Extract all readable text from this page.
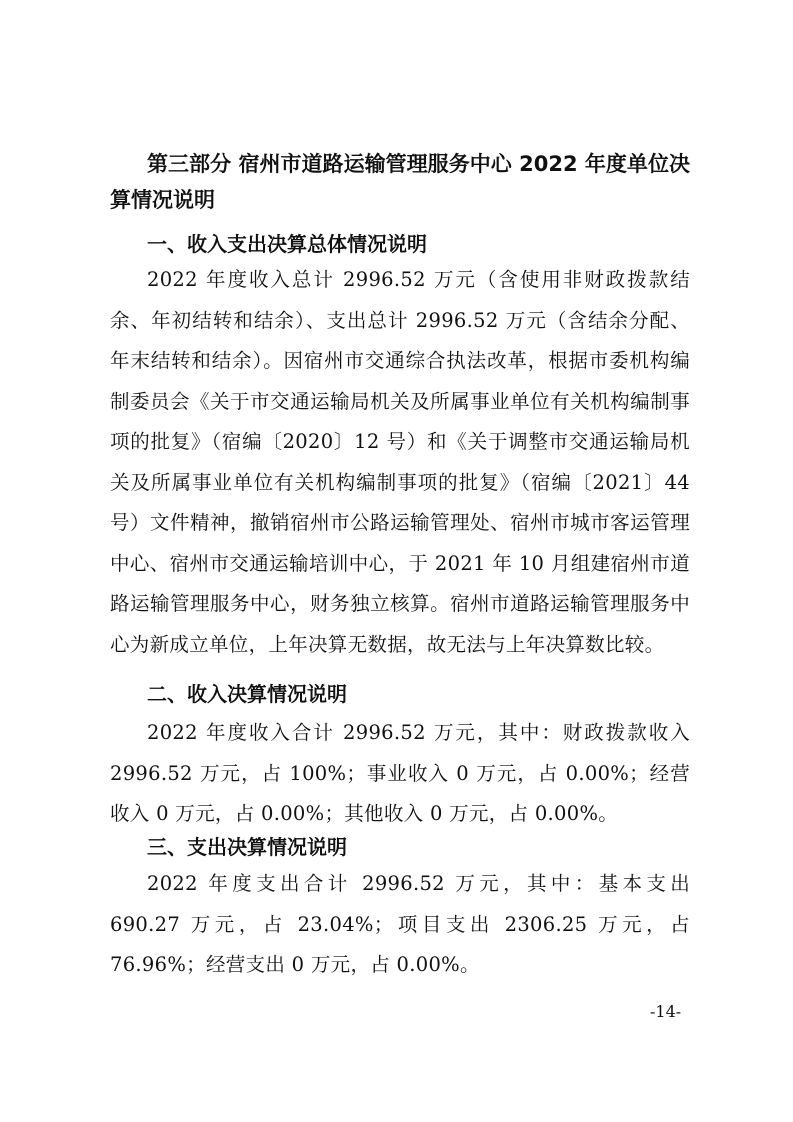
第三部分 宿州市道路运输管理服务中心 2022 年度单位决算情况说明
一、收入支出决算总体情况说明

2022 年度收入总计 2996.52 万元（含使用非财政拨款结余、年初结转和结余）、支出总计 2996.52 万元（含结余分配、年末结转和结余）。因宿州市交通综合执法改革，根据市委机构编制委员会《关于市交通运输局机关及所属事业单位有关机构编制事项的批复》（宿编〔2020〕12 号）和《关于调整市交通运输局机关及所属事业单位有关机构编制事项的批复》（宿编〔2021〕44 号）文件精神，撤销宿州市公路运输管理处、宿州市城市客运管理中心、宿州市交通运输培训中心，于 2021 年 10 月组建宿州市道路运输管理服务中心，财务独立核算。宿州市道路运输管理服务中心为新成立单位，上年决算无数据，故无法与上年决算数比较。

二、收入决算情况说明

2022 年度收入合计 2996.52 万元，其中：财政拨款收入 2996.52 万元，占 100%；事业收入 0 万元，占 0.00%；经营收入 0 万元，占 0.00%；其他收入 0 万元，占 0.00%。

三、支出决算情况说明

2022 年度支出合计 2996.52 万元，其中：基本支出 690.27 万元，占 23.04%；项目支出 2306.25 万元，占 76.96%；经营支出 0 万元，占 0.00%。

-14-
